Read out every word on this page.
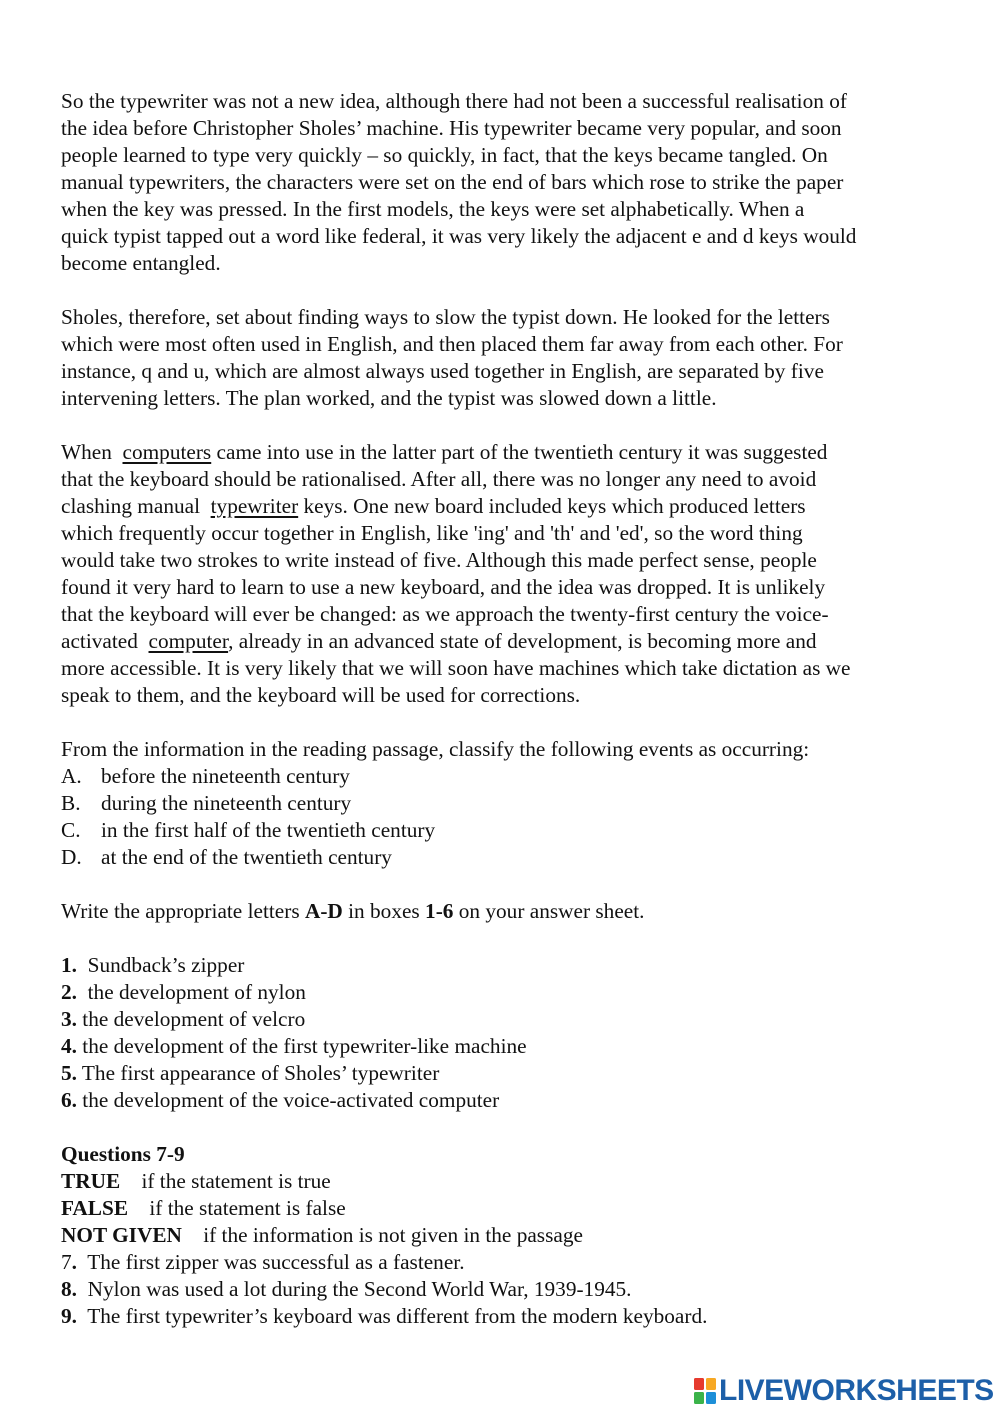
So the typewriter was not a new idea, although there had not been a successful realisation of
the idea before Christopher Sholes’ machine. His typewriter became very popular, and soon
people learned to type very quickly – so quickly, in fact, that the keys became tangled. On
manual typewriters, the characters were set on the end of bars which rose to strike the paper
when the key was pressed. In the first models, the keys were set alphabetically. When a
quick typist tapped out a word like federal, it was very likely the adjacent e and d keys would
become entangled.

Sholes, therefore, set about finding ways to slow the typist down. He looked for the letters
which were most often used in English, and then placed them far away from each other. For
instance, q and u, which are almost always used together in English, are separated by five
intervening letters. The plan worked, and the typist was slowed down a little.

When  computers came into use in the latter part of the twentieth century it was suggested
that the keyboard should be rationalised. After all, there was no longer any need to avoid
clashing manual  typewriter keys. One new board included keys which produced letters
which frequently occur together in English, like 'ing' and 'th' and 'ed', so the word thing
would take two strokes to write instead of five. Although this made perfect sense, people
found it very hard to learn to use a new keyboard, and the idea was dropped. It is unlikely
that the keyboard will ever be changed: as we approach the twenty-first century the voice-
activated  computer, already in an advanced state of development, is becoming more and
more accessible. It is very likely that we will soon have machines which take dictation as we
speak to them, and the keyboard will be used for corrections.

From the information in the reading passage, classify the following events as occurring:
A. before the nineteenth century
B. during the nineteenth century
C. in the first half of the twentieth century
D. at the end of the twentieth century

Write the appropriate letters A-D in boxes 1-6 on your answer sheet.

1.  Sundback’s zipper
2.  the development of nylon
3. the development of velcro
4. the development of the first typewriter-like machine
5. The first appearance of Sholes’ typewriter
6. the development of the voice-activated computer
Questions 7-9
TRUE    if the statement is true
FALSE    if the statement is false
NOT GIVEN    if the information is not given in the passage
7.  The first zipper was successful as a fastener.
8.  Nylon was used a lot during the Second World War, 1939-1945.
9.  The first typewriter’s keyboard was different from the modern keyboard.
LIVEWORKSHEETS
